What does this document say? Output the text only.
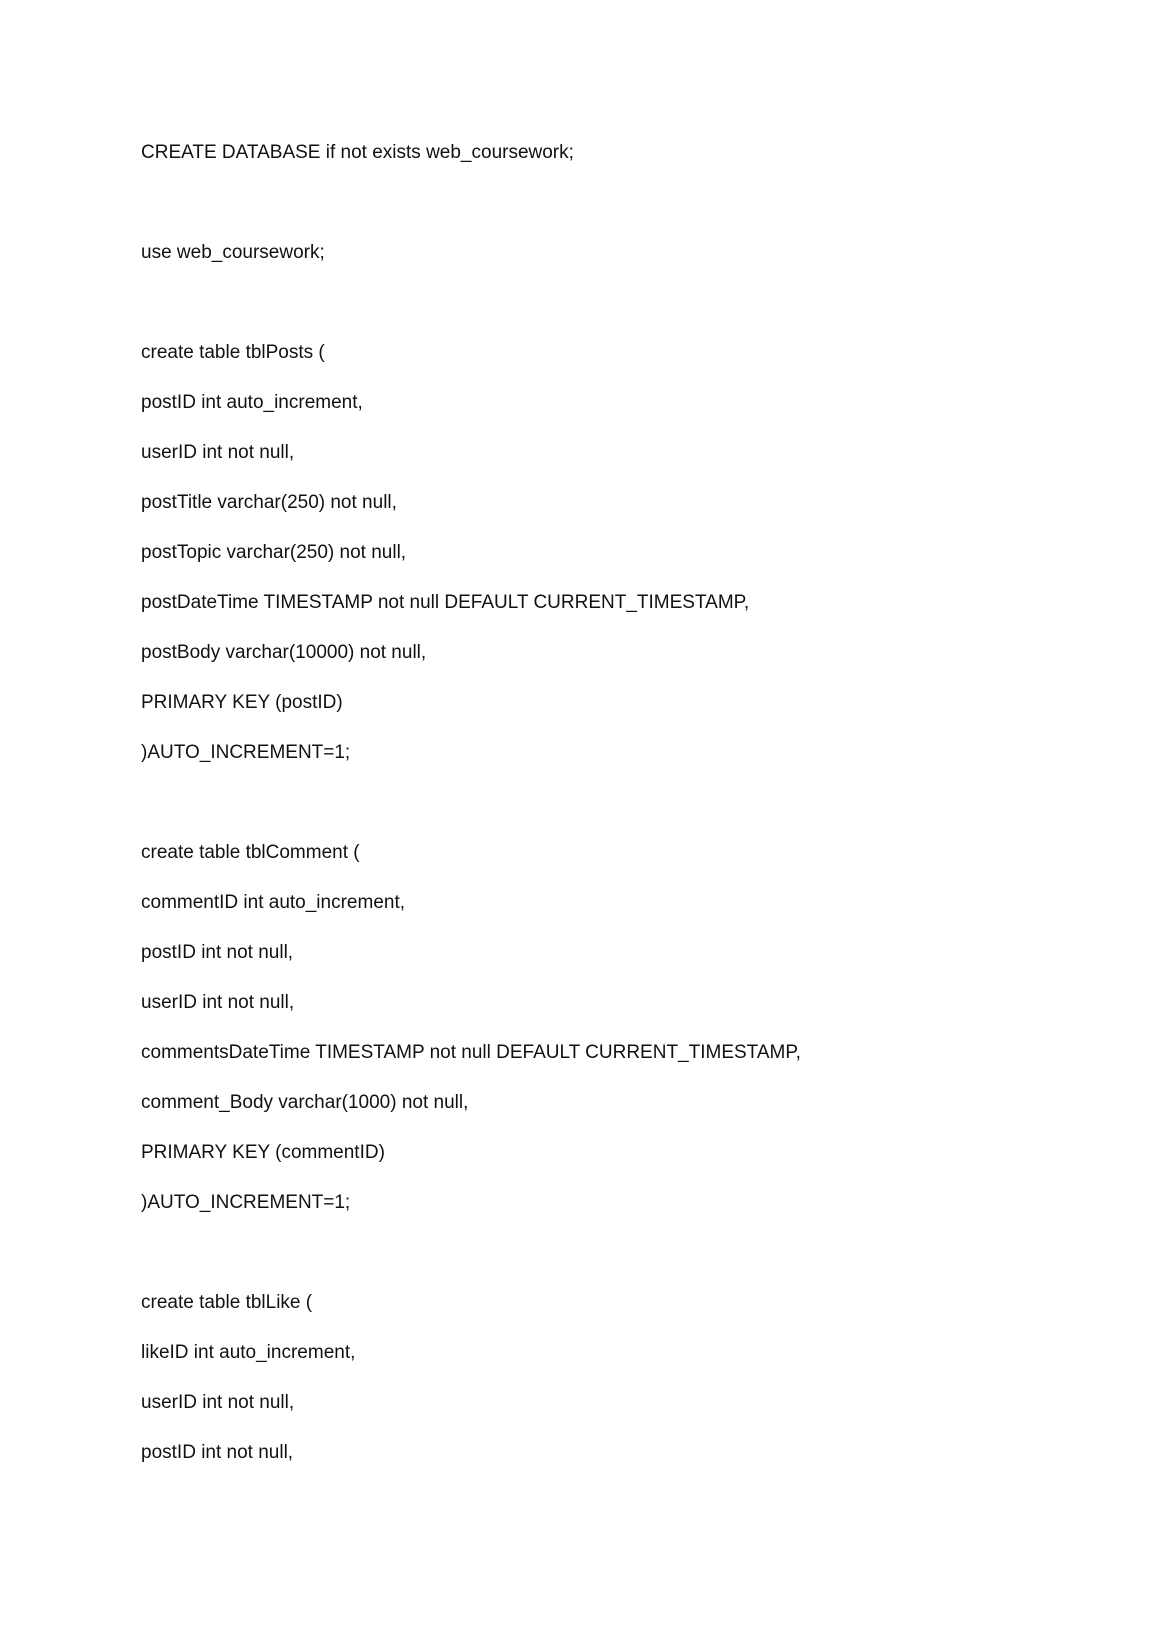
CREATE DATABASE if not exists web_coursework;

use web_coursework;

create table tblPosts (

postID int auto_increment,

userID int not null,

postTitle varchar(250) not null,

postTopic varchar(250) not null,

postDateTime TIMESTAMP not null DEFAULT CURRENT_TIMESTAMP,

postBody varchar(10000) not null,

PRIMARY KEY (postID)

)AUTO_INCREMENT=1;

create table tblComment (

commentID int auto_increment,

postID int not null,

userID int not null,

commentsDateTime TIMESTAMP not null DEFAULT CURRENT_TIMESTAMP,

comment_Body varchar(1000) not null,

PRIMARY KEY (commentID)

)AUTO_INCREMENT=1;

create table tblLike (

likeID int auto_increment,

userID int not null,

postID int not null,
